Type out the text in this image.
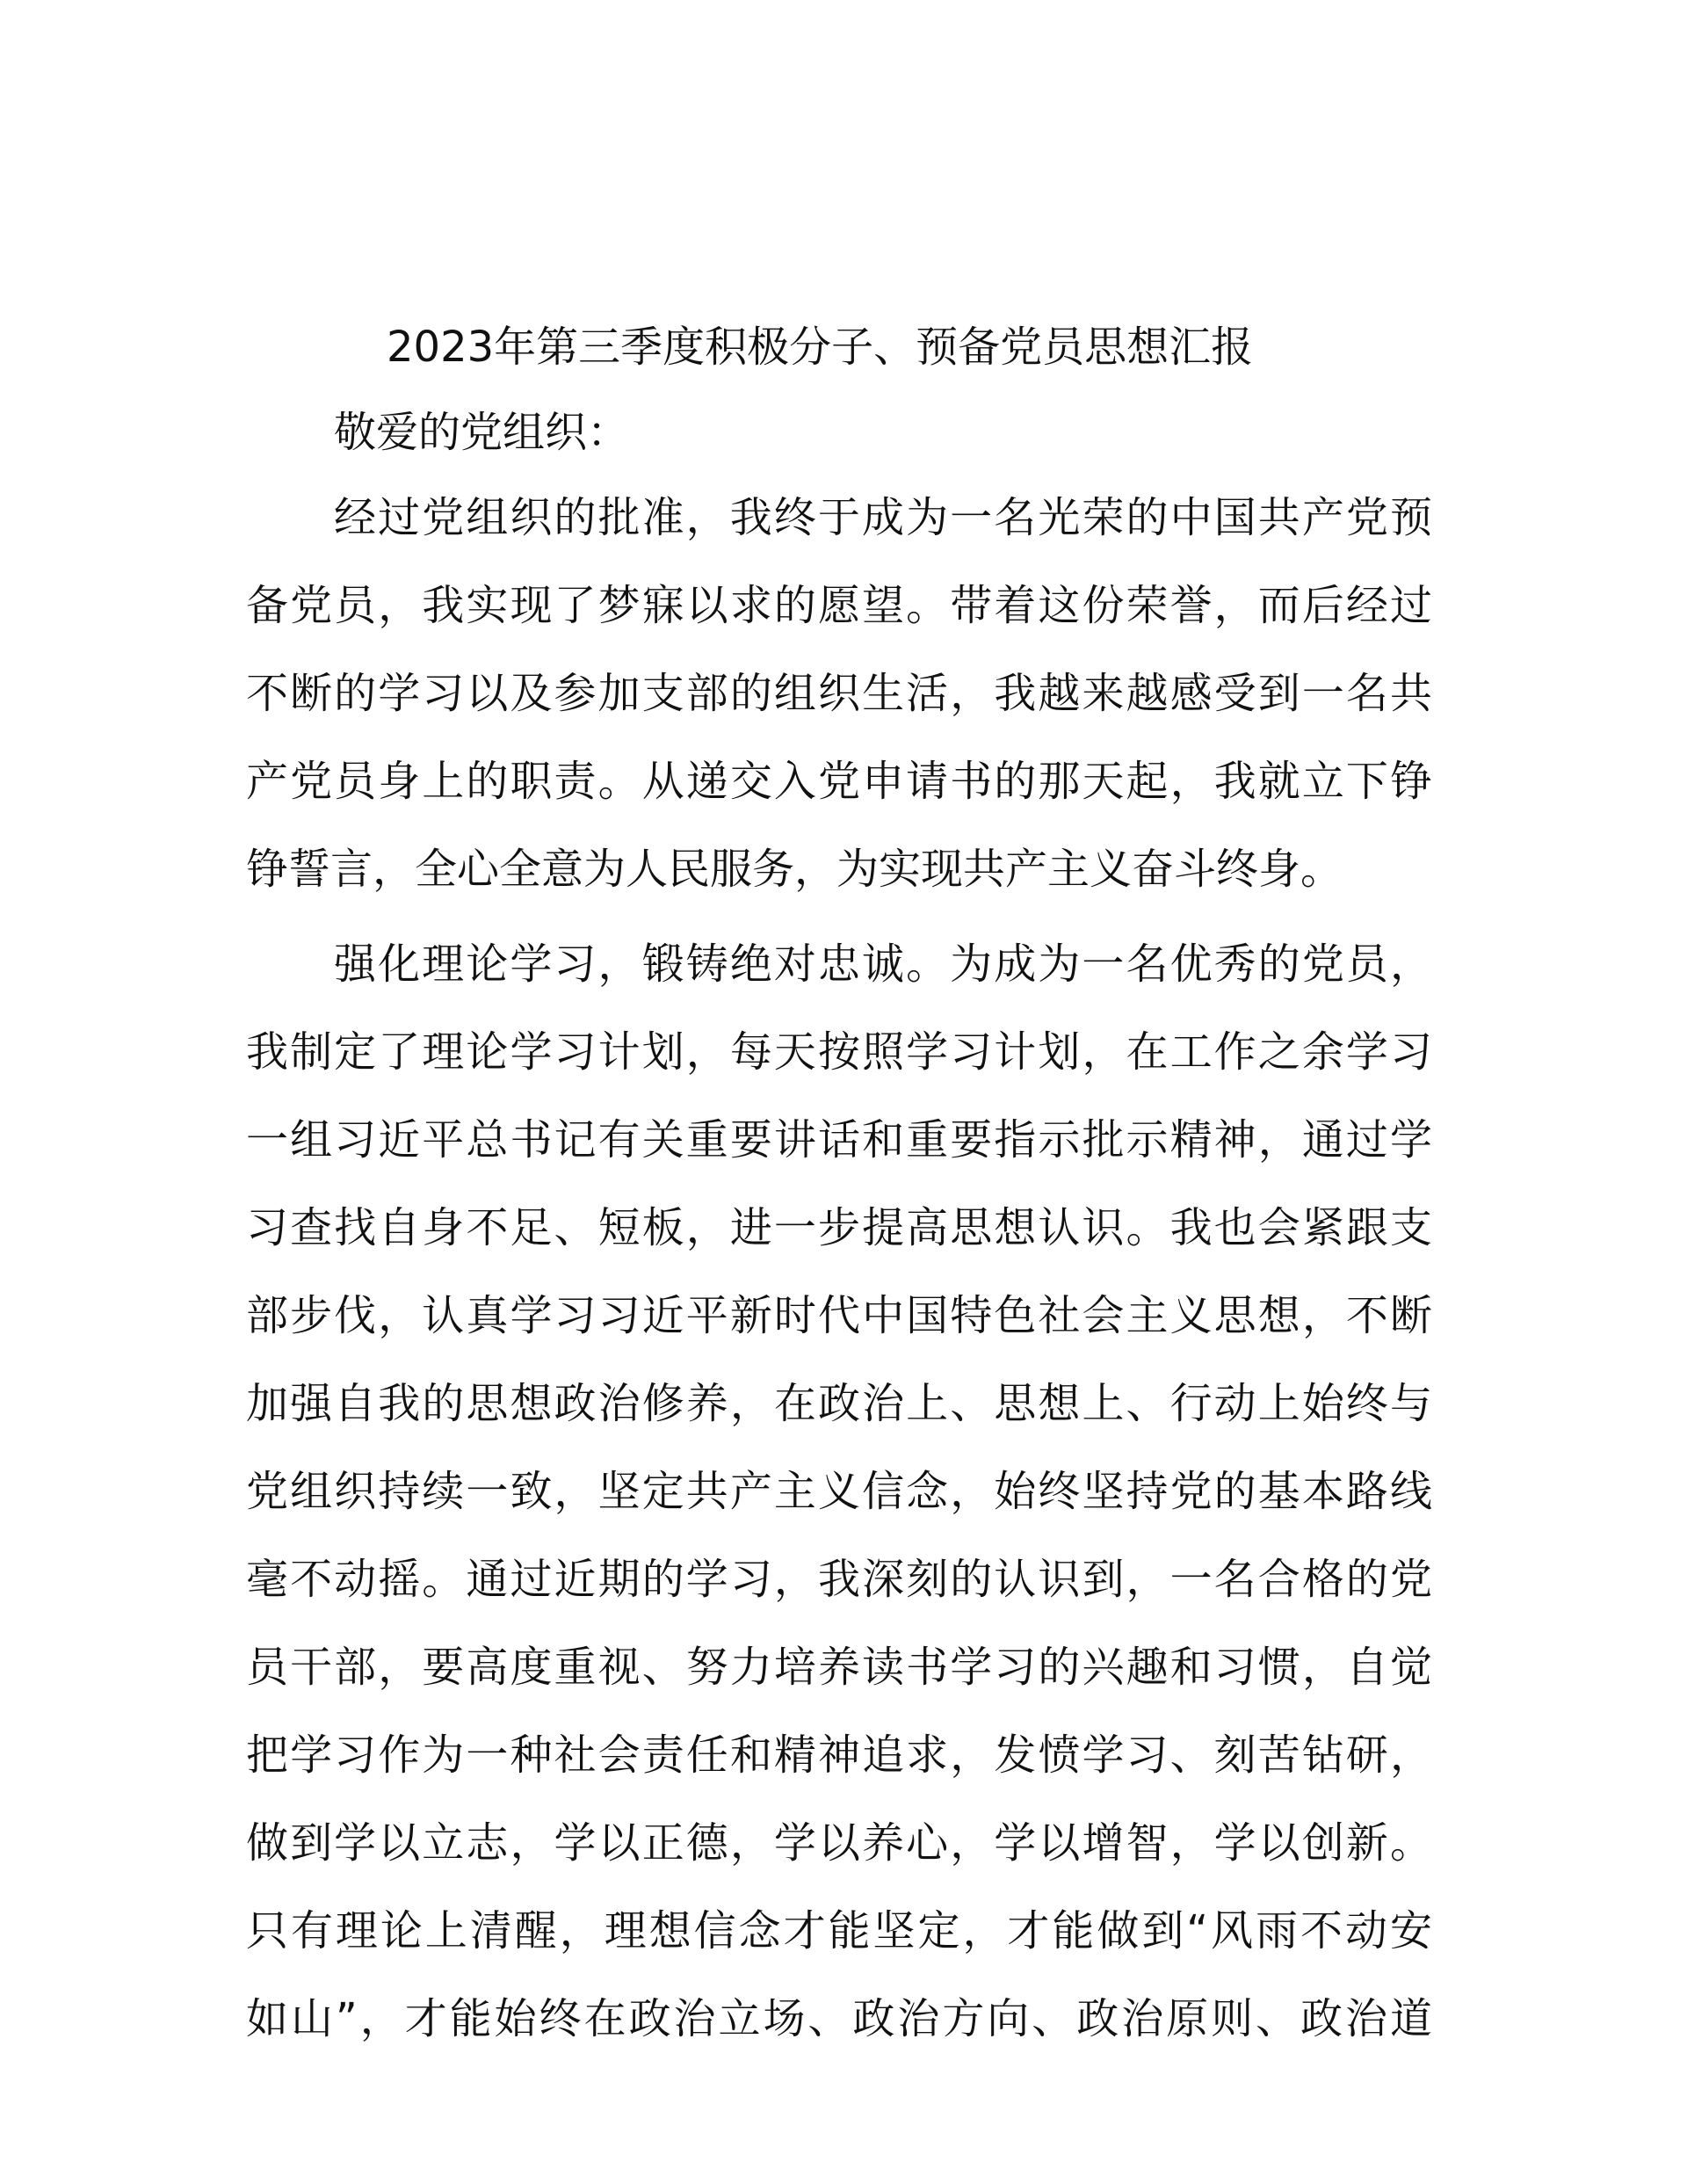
2023年第三季度积极分子、预备党员思想汇报

敬爱的党组织：

经过党组织的批准，我终于成为一名光荣的中国共产党预

备党员，我实现了梦寐以求的愿望。带着这份荣誉，而后经过

不断的学习以及参加支部的组织生活，我越来越感受到一名共

产党员身上的职责。从递交入党申请书的那天起，我就立下铮

铮誓言，全心全意为人民服务，为实现共产主义奋斗终身。

强化理论学习，锻铸绝对忠诚。为成为一名优秀的党员，

我制定了理论学习计划，每天按照学习计划，在工作之余学习

一组习近平总书记有关重要讲话和重要指示批示精神，通过学

习查找自身不足、短板，进一步提高思想认识。我也会紧跟支

部步伐，认真学习习近平新时代中国特色社会主义思想，不断

加强自我的思想政治修养，在政治上、思想上、行动上始终与

党组织持续一致，坚定共产主义信念，始终坚持党的基本路线

毫不动摇。通过近期的学习，我深刻的认识到，一名合格的党

员干部，要高度重视、努力培养读书学习的兴趣和习惯，自觉

把学习作为一种社会责任和精神追求，发愤学习、刻苦钻研，

做到学以立志，学以正德，学以养心，学以增智，学以创新。

只有理论上清醒，理想信念才能坚定，才能做到“风雨不动安

如山”，才能始终在政治立场、政治方向、政治原则、政治道
